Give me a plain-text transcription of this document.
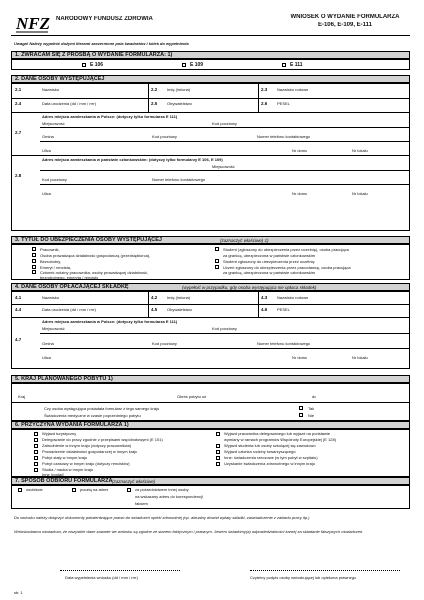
NFZ NARODOWY FUNDUSZ ZDROWIA	WNIOSEK O WYDANIE FORMULARZA
E-106, E-109, E-111
Uwaga! Należy wypełnić dużymi literami zaczernione pola kwadratów i kółek do wypełnienia
1. ZWRACAM SIĘ Z PROŚBĄ O WYDANIE FORMULARZA: 1)
E 106	E 109	E 111
2. DANE OSOBY WYSTĘPUJĄCEJ
2.1	Nazwisko	2.2 Imię (imiona)	2.3 Nazwisko rodowe
2.4	Data urodzenia (dd / mm / rrrr)	2.5 Obywatelstwo	2.6 PESEL
Adres miejsca zamieszkania w Polsce: (dotyczy tylko formularza E 111)
Miejscowość	Kod pocztowy
2.7
Gmina	Kod pocztowy	Numer telefonu kontaktowego
Ulica	Nr domu	Nr lokalu
Adres miejsca zamieszkania w państwie członkowskim: (dotyczy tylko formularzy E 106, E 109)
Miejscowość
2.8
Kod pocztowy	Numer telefonu kontaktowego
Ulica	Nr domu	Nr lokalu
3. TYTUŁ DO UBEZPIECZENIA OSOBY WYSTĘPUJĄCEJ	(zaznaczyć właściwe) 1)
Pracownik,
Osoba prowadząca działalność gospodarczą (przedsiębiorca),
Bezrobotny,
Emeryt / rencista,
Członek rodziny pracownika, osoby prowadzącej działalność,
bezrobotnego, emeryta / rencisty
Student (zgłoszony do ubezpieczenia przez uczelnię), osoba pracująca
za granicą, ubezpieczona w państwie członkowskim
Student zgłoszony do ubezpieczenia przez uczelnię
Uczeń zgłoszony do ubezpieczenia przez pracodawcę, osoba pracująca
za granicą, ubezpieczona w państwie członkowskim
4. DANE OSOBY OPŁACAJĄCEJ SKŁADKĘ	(wypełnić w przypadku, gdy osoba występująca nie opłaca składek)
4.1	Nazwisko	4.2 Imię (imiona)	4.3 Nazwisko rodowe
4.4	Data urodzenia (dd / mm / rrrr)	4.5 Obywatelstwo	4.6 PESEL
Adres miejsca zamieszkania w Polsce: (dotyczy tylko formularza E 111)
Miejscowość	Kod pocztowy
4.7
Gmina	Kod pocztowy	Numer telefonu kontaktowego
Ulica	Nr domu	Nr lokalu
5. KRAJ PLANOWANEGO POBYTU 1)
Kraj	Okres pobytu od	do
Czy osoba występująca posiadała formularz z tego samego kraju
Świadczenia medyczne w czasie poprzedniego pobytu
Tak
Nie
6. PRZYCZYNA WYDANIA FORMULARZA 1)
Wyjazd turystyczny
Delegowanie do pracy zgodnie z przepisami wspólnotowymi (E 101)
Zatrudnienie w innym kraju (dotyczy pracowników)
Prowadzenie działalności gospodarczej w innym kraju
Pobyt stały w innym kraju
Pobyt czasowy w innym kraju (dotyczy rencistów)
Studia / nauka w innym kraju
Inne (podać)
Wyjazd pracownika delegowanego lub wyjazd na podstawie
wymiany w ramach programów Wspólnoty Europejskiej (E 128)
Wyjazd studenta lub osoby szkolącej się zawodowo
Wyjazd członka rodziny towarzyszącego
Inne: świadczenia rzeczowe (w tym pobyt w szpitalu)
Uzyskanie świadczenia zdrowotnego w innym kraju
7. SPOSÓB ODBIORU FORMULARZA (zaznaczyć właściwe)
osobiście	pocztą na adres	za pośrednictwem innej osoby
na wskazany adres do korespondencji
faksem
Do wniosku należy dołączyć dokumenty potwierdzające prawo do świadczeń opieki zdrowotnej (np. aktualny dowód wpłaty składki, zaświadczenie z zakładu pracy itp.)
Wnioskodawca oświadcza, że wszystkie dane zawarte we wniosku są zgodne ze stanem faktycznym i prawnym. Jestem świadomy(a) odpowiedzialności karnej za składanie fałszywych oświadczeń.
Data wypełnienia wniosku (dd / mm / rrrr)	Czytelny podpis osoby wnioskującej lub opiekuna prawnego
str. 1
